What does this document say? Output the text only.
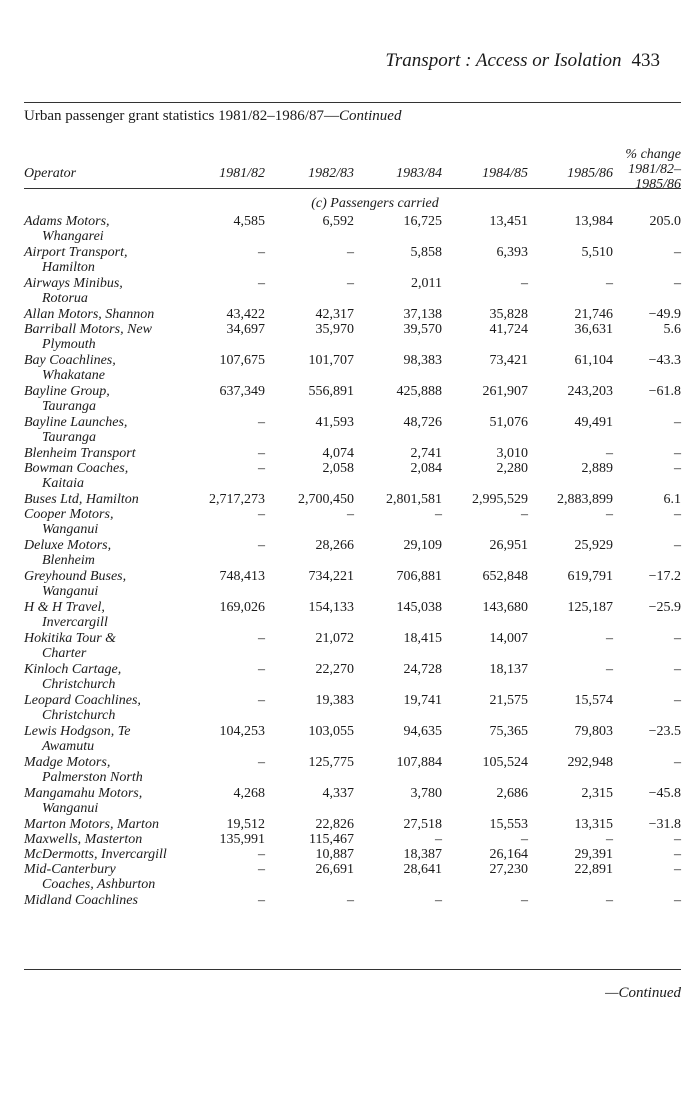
Transport : Access or Isolation 433
Urban passenger grant statistics 1981/82–1986/87—Continued
Operator	1981/82	1982/83	1983/84	1984/85	1985/86
% change
1981/82–
1985/86
(c) Passengers carried
Adams Motors,
Whangarei
4,585	6,592	16,725	13,451	13,984	205.0
Airport Transport,
Hamilton
–	–	5,858	6,393	5,510	–
Airways Minibus,
Rotorua
–	–	2,011	–	–	–
Allan Motors, Shannon	43,422	42,317	37,138	35,828	21,746	−49.9
Barriball Motors, New
Plymouth
34,697	35,970	39,570	41,724	36,631	5.6
Bay Coachlines,
Whakatane
107,675	101,707	98,383	73,421	61,104	−43.3
Bayline Group,
Tauranga
637,349	556,891	425,888	261,907	243,203	−61.8
Bayline Launches,
Tauranga
–	41,593	48,726	51,076	49,491	–
Blenheim Transport	–	4,074	2,741	3,010	–	–
Bowman Coaches,
Kaitaia
–	2,058	2,084	2,280	2,889	–
Buses Ltd, Hamilton	2,717,273 2,700,450 2,801,581 2,995,529 2,883,899	6.1
Cooper Motors,
Wanganui
–	–	–	–	–	–
Deluxe Motors,
Blenheim
–	28,266	29,109	26,951	25,929	–
Greyhound Buses,
Wanganui
748,413	734,221	706,881	652,848	619,791	−17.2
H & H Travel,
Invercargill
169,026	154,133	145,038	143,680	125,187	−25.9
Hokitika Tour &
Charter
–	21,072	18,415	14,007	–	–
Kinloch Cartage,
Christchurch
–	22,270	24,728	18,137	–	–
Leopard Coachlines,
Christchurch
–	19,383	19,741	21,575	15,574	–
Lewis Hodgson, Te
Awamutu
104,253	103,055	94,635	75,365	79,803	−23.5
Madge Motors,
Palmerston North
–	125,775	107,884	105,524	292,948	–
Mangamahu Motors,
Wanganui
4,268	4,337	3,780	2,686	2,315	−45.8
Marton Motors, Marton	19,512	22,826	27,518	15,553	13,315	−31.8
Maxwells, Masterton	135,991	115,467	–	–	–	–
McDermotts, Invercargill	–	10,887	18,387	26,164	29,391	–
Mid-Canterbury
Coaches, Ashburton
–	26,691	28,641	27,230	22,891	–
Midland Coachlines	–	–	–	–	–	–
—Continued
